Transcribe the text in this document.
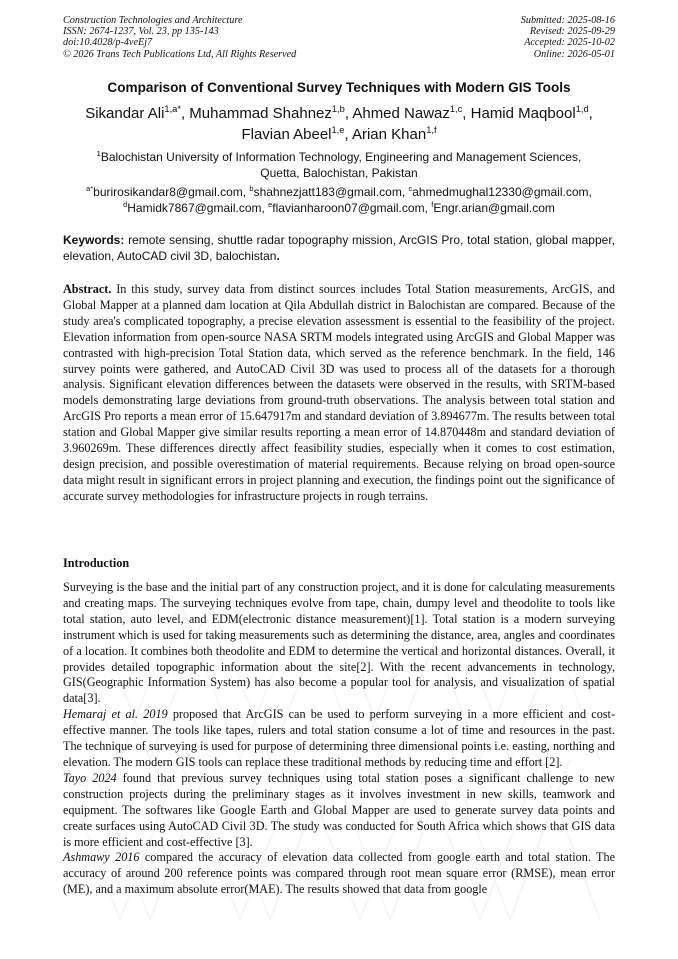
Construction Technologies and Architecture
ISSN: 2674-1237, Vol. 23, pp 135-143
doi:10.4028/p-4veEj7
© 2026 Trans Tech Publications Ltd, All Rights Reserved
Submitted: 2025-08-16
Revised: 2025-09-29
Accepted: 2025-10-02
Online: 2026-05-01
Comparison of Conventional Survey Techniques with Modern GIS Tools
Sikandar Ali$^{1,a*}$, Muhammad Shahnez$^{1,b}$, Ahmed Nawaz$^{1,c}$, Hamid Maqbool$^{1,d}$,
Flavian Abeel$^{1,e}$, Arian Khan$^{1,f}$
$^1$Balochistan University of Information Technology, Engineering and Management Sciences, Quetta, Balochistan, Pakistan
$^{a*}$burirosikandar8@gmail.com, $^b$shahnezjatt183@gmail.com, $^c$ahmedmughal12330@gmail.com,
$^d$Hamidk7867@gmail.com, $^e$flavianharoon07@gmail.com, $^f$Engr.arian@gmail.com
Keywords: remote sensing, shuttle radar topography mission, ArcGIS Pro, total station, global mapper, elevation, AutoCAD civil 3D, balochistan.
Abstract. In this study, survey data from distinct sources includes Total Station measurements, ArcGIS, and Global Mapper at a planned dam location at Qila Abdullah district in Balochistan are compared. Because of the study area's complicated topography, a precise elevation assessment is essential to the feasibility of the project. Elevation information from open-source NASA SRTM models integrated using ArcGIS and Global Mapper was contrasted with high-precision Total Station data, which served as the reference benchmark. In the field, 146 survey points were gathered, and AutoCAD Civil 3D was used to process all of the datasets for a thorough analysis. Significant elevation differences between the datasets were observed in the results, with SRTM-based models demonstrating large deviations from ground-truth observations. The analysis between total station and ArcGIS Pro reports a mean error of 15.647917m and standard deviation of 3.894677m. The results between total station and Global Mapper give similar results reporting a mean error of 14.870448m and standard deviation of 3.960269m. These differences directly affect feasibility studies, especially when it comes to cost estimation, design precision, and possible overestimation of material requirements. Because relying on broad open-source data might result in significant errors in project planning and execution, the findings point out the significance of accurate survey methodologies for infrastructure projects in rough terrains.
Introduction

Surveying is the base and the initial part of any construction project, and it is done for calculating measurements and creating maps. The surveying techniques evolve from tape, chain, dumpy level and theodolite to tools like total station, auto level, and EDM(electronic distance measurement)[1]. Total station is a modern surveying instrument which is used for taking measurements such as determining the distance, area, angles and coordinates of a location. It combines both theodolite and EDM to determine the vertical and horizontal distances. Overall, it provides detailed topographic information about the site[2]. With the recent advancements in technology, GIS(Geographic Information System) has also become a popular tool for analysis, and visualization of spatial data[3].

Hemaraj et al. 2019 proposed that ArcGIS can be used to perform surveying in a more efficient and cost-effective manner. The tools like tapes, rulers and total station consume a lot of time and resources in the past. The technique of surveying is used for purpose of determining three dimensional points i.e. easting, northing and elevation. The modern GIS tools can replace these traditional methods by reducing time and effort [2].

Tayo 2024 found that previous survey techniques using total station poses a significant challenge to new construction projects during the preliminary stages as it involves investment in new skills, teamwork and equipment. The softwares like Google Earth and Global Mapper are used to generate survey data points and create surfaces using AutoCAD Civil 3D. The study was conducted for South Africa which shows that GIS data is more efficient and cost-effective [3].

Ashmawy 2016 compared the accuracy of elevation data collected from google earth and total station. The accuracy of around 200 reference points was compared through root mean square error (RMSE), mean error (ME), and a maximum absolute error(MAE). The results showed that data from google
